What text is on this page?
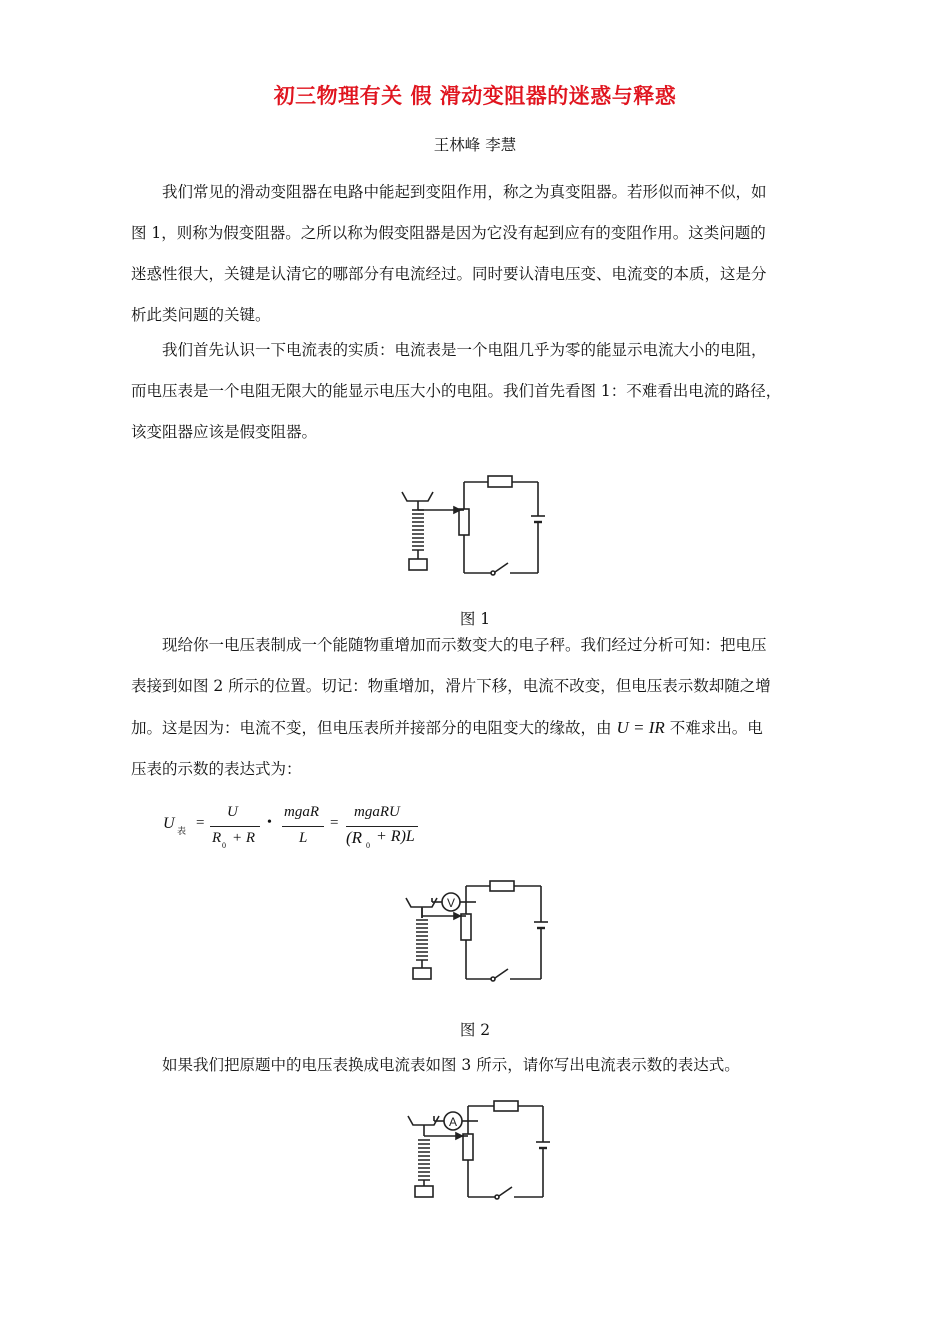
初三物理有关 假 滑动变阻器的迷惑与释惑
王林峰 李慧
我们常见的滑动变阻器在电路中能起到变阻作用，称之为真变阻器。若形似而神不似，如
图 1，则称为假变阻器。之所以称为假变阻器是因为它没有起到应有的变阻作用。这类问题的
迷惑性很大，关键是认清它的哪部分有电流经过。同时要认清电压变、电流变的本质，这是分
析此类问题的关键。
我们首先认识一下电流表的实质：电流表是一个电阻几乎为零的能显示电流大小的电阻，
而电压表是一个电阻无限大的能显示电压大小的电阻。我们首先看图 1：不难看出电流的路径，
该变阻器应该是假变阻器。
图 1
现给你一电压表制成一个能随物重增加而示数变大的电子秤。我们经过分析可知：把电压
表接到如图 2 所示的位置。切记：物重增加，滑片下移，电流不改变，但电压表示数却随之增
加。这是因为：电流不变，但电压表所并接部分的电阻变大的缘故，由 U = IR 不难求出。电
压表的示数的表达式为：
U 表 =
U
R 0 + R
•
mgaR
L
=
mgaRU
(R 0
+ R)L
V
图 2
如果我们把原题中的电压表换成电流表如图 3 所示，请你写出电流表示数的表达式。
A
